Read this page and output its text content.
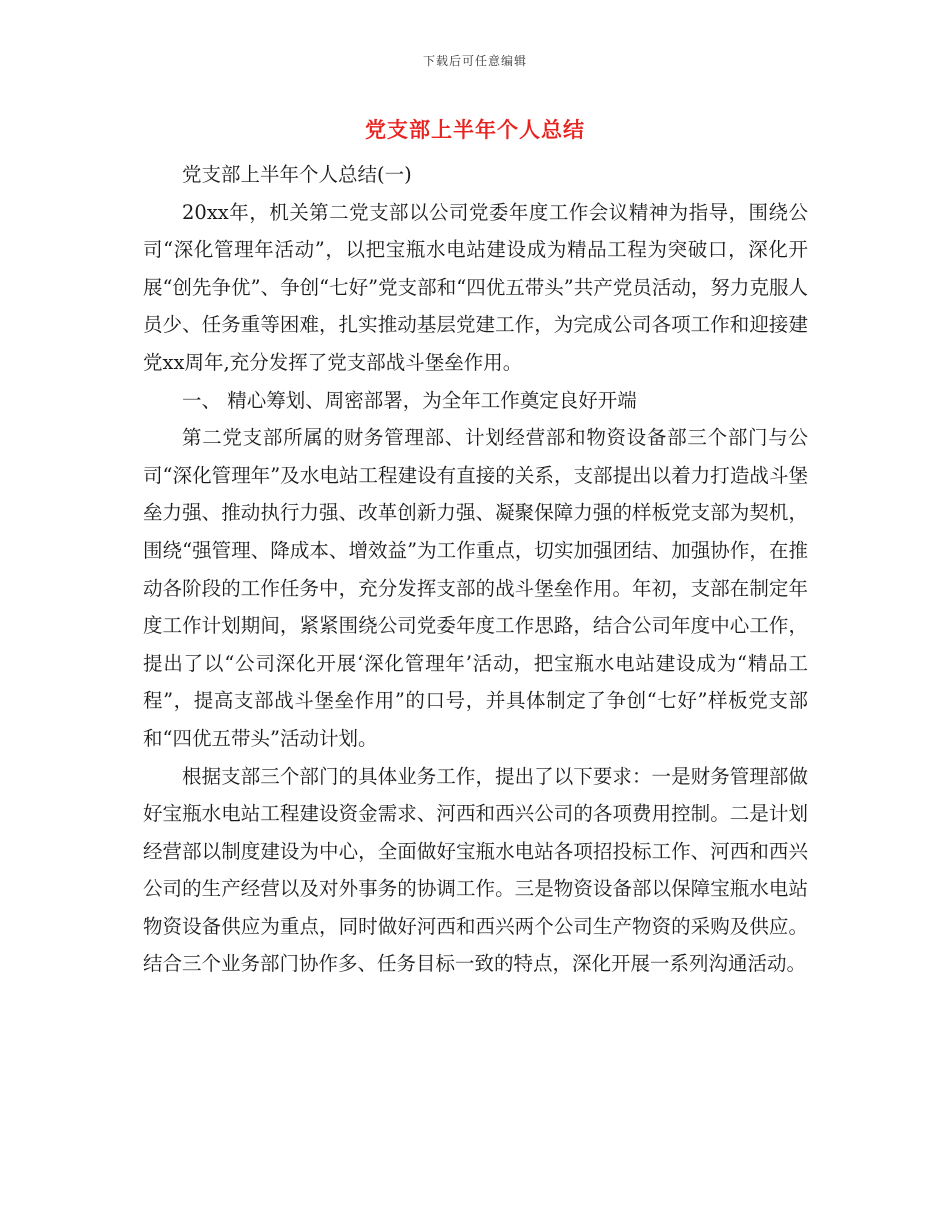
下载后可任意编辑
党支部上半年个人总结

党支部上半年个人总结(一)

20xx年，机关第二党支部以公司党委年度工作会议精神为指导，围绕公司“深化管理年活动”，以把宝瓶水电站建设成为精品工程为突破口，深化开展“创先争优”、争创“七好”党支部和“四优五带头”共产党员活动，努力克服人员少、任务重等困难，扎实推动基层党建工作，为完成公司各项工作和迎接建党xx周年,充分发挥了党支部战斗堡垒作用。

一、 精心筹划、周密部署，为全年工作奠定良好开端

第二党支部所属的财务管理部、计划经营部和物资设备部三个部门与公司“深化管理年”及水电站工程建设有直接的关系，支部提出以着力打造战斗堡垒力强、推动执行力强、改革创新力强、凝聚保障力强的样板党支部为契机，围绕“强管理、降成本、增效益”为工作重点，切实加强团结、加强协作，在推动各阶段的工作任务中，充分发挥支部的战斗堡垒作用。年初，支部在制定年度工作计划期间，紧紧围绕公司党委年度工作思路，结合公司年度中心工作，提出了以“公司深化开展‘深化管理年’活动，把宝瓶水电站建设成为“精品工程”，提高支部战斗堡垒作用”的口号，并具体制定了争创“七好”样板党支部和“四优五带头”活动计划。

根据支部三个部门的具体业务工作，提出了以下要求：一是财务管理部做好宝瓶水电站工程建设资金需求、河西和西兴公司的各项费用控制。二是计划经营部以制度建设为中心，全面做好宝瓶水电站各项招投标工作、河西和西兴公司的生产经营以及对外事务的协调工作。三是物资设备部以保障宝瓶水电站物资设备供应为重点，同时做好河西和西兴两个公司生产物资的采购及供应。结合三个业务部门协作多、任务目标一致的特点，深化开展一系列沟通活动。
